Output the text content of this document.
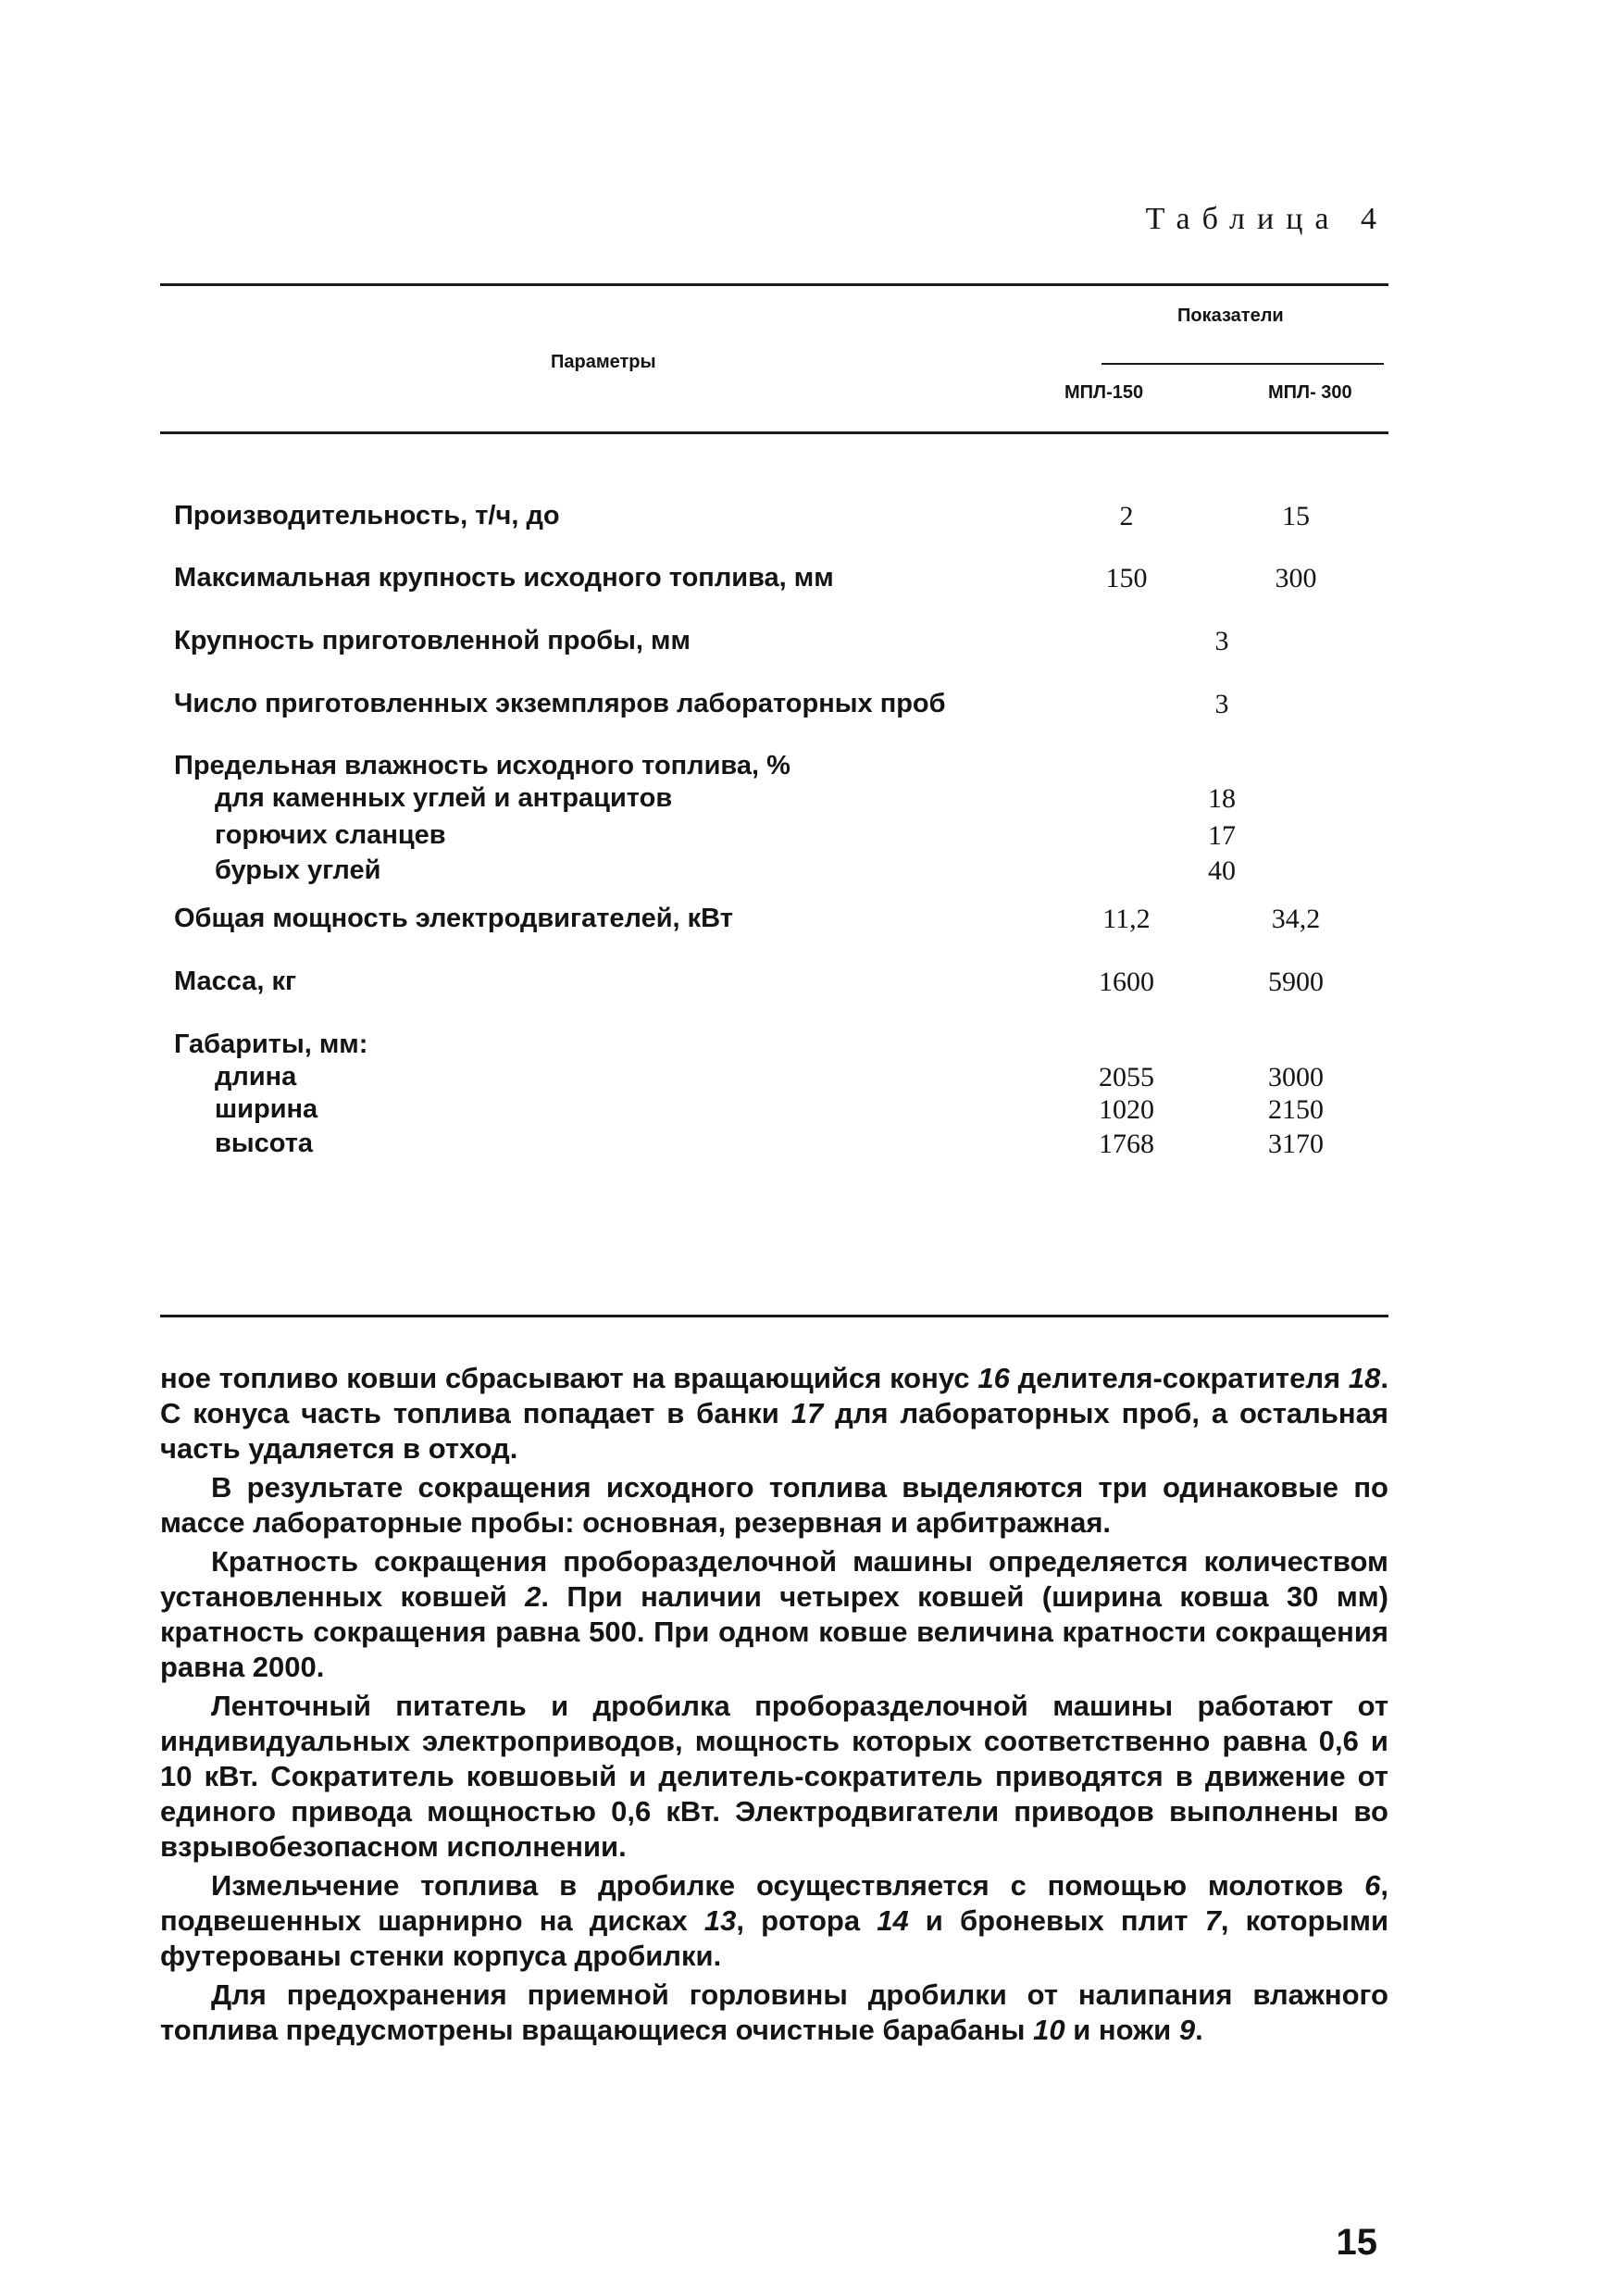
Таблица 4
Параметры
Показатели
МПЛ-150	МПЛ- 300
Производительность, т/ч, до	2	15
Максимальная крупность исходного топлива, мм	150	300
Крупность приготовленной пробы, мм	3
Число приготовленных экземпляров лабораторных проб	3
Предельная влажность исходного топлива, %
для каменных углей и антрацитов	18
горючих сланцев	17
бурых углей	40
Общая мощность электродвигателей, кВт	11,2	34,2
Масса, кг	1600	5900
Габариты, мм:
длина	2055	3000
ширина	1020	2150
высота	1768	3170

ное топливо ковши сбрасывают на вращающийся конус 16 делителя-сократителя 18. С конуса часть топлива попадает в банки 17 для лабораторных проб, а остальная часть удаляется в отход.

В результате сокращения исходного топлива выделяются три одинаковые по массе лабораторные пробы: основная, резервная и арбитражная.

Кратность сокращения пробоpазделочной машины определяется количеством установленных ковшей 2. При наличии четырех ковшей (ширина ковша 30 мм) кратность сокращения равна 500. При одном ковше величина кратности сокращения равна 2000.

Ленточный питатель и дробилка проборазделочной машины работают от индивидуальных электроприводов, мощность которых соответственно равна 0,6 и 10 кВт. Сократитель ковшовый и делитель-сократитель приводятся в движение от единого привода мощностью 0,6 кВт. Электродвигатели приводов выполнены во взрывобезопасном исполнении.

Измельчение топлива в дробилке осуществляется с помощью молотков 6, подвешенных шарнирно на дисках 13, ротора 14 и броневых плит 7, которыми футерованы стенки корпуса дробилки.

Для предохранения приемной горловины дробилки от налипания влажного топлива предусмотрены вращающиеся очистные барабаны 10 и ножи 9.

15
